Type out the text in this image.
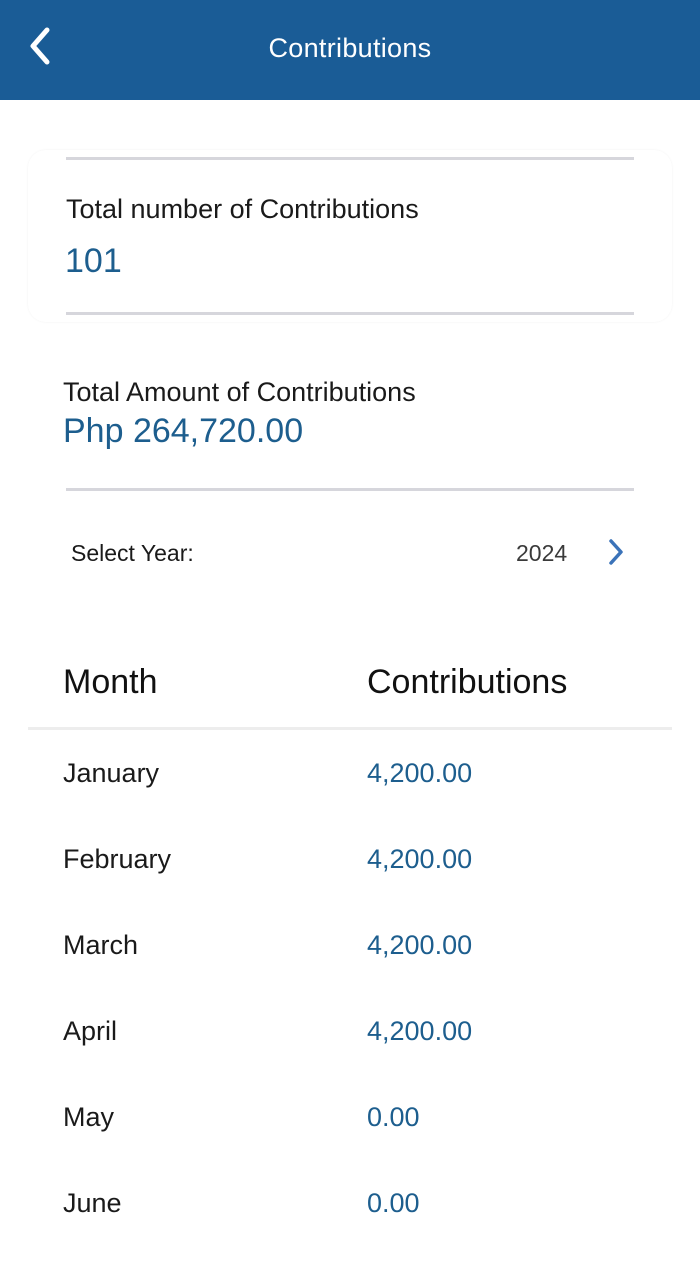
Contributions
Total number of Contributions
101
Total Amount of Contributions
Php 264,720.00
Select Year:	2024
Month	Contributions
January	4,200.00
February	4,200.00
March	4,200.00
April	4,200.00
May	0.00
June	0.00
